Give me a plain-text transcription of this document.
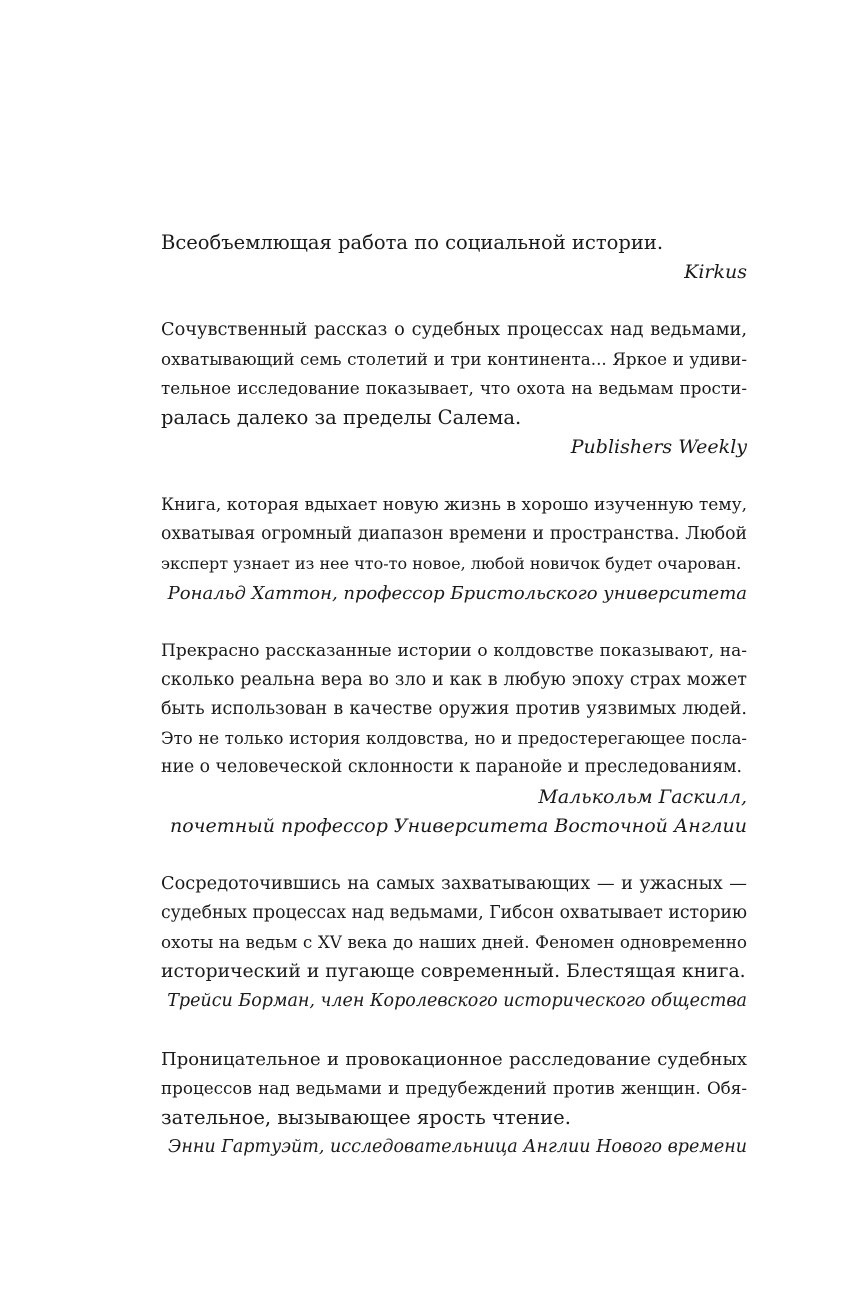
Всеобъемлющая работа по социальной истории.
Kirkus
Сочувственный рассказ о судебных процессах над ведьмами,
охватывающий семь столетий и три континента... Яркое и удиви-
тельное исследование показывает, что охота на ведьмам прости-
ралась далеко за пределы Салема.
Publishers Weekly
Книга, которая вдыхает новую жизнь в хорошо изученную тему,
охватывая огромный диапазон времени и пространства. Любой
эксперт узнает из нее что-то новое, любой новичок будет очарован.
Рональд Хаттон, профессор Бристольского университета
Прекрасно рассказанные истории о колдовстве показывают, на-
сколько реальна вера во зло и как в любую эпоху страх может
быть использован в качестве оружия против уязвимых людей.
Это не только история колдовства, но и предостерегающее посла-
ние о человеческой склонности к паранойе и преследованиям.
Малькольм Гаскилл,
почетный профессор Университета Восточной Англии
Сосредоточившись на самых захватывающих — и ужасных —
судебных процессах над ведьмами, Гибсон охватывает историю
охоты на ведьм с XV века до наших дней. Феномен одновременно
исторический и пугающе современный. Блестящая книга.
Трейси Борман, член Королевского исторического общества
Проницательное и провокационное расследование судебных
процессов над ведьмами и предубеждений против женщин. Обя-
зательное, вызывающее ярость чтение.
Энни Гартуэйт, исследовательница Англии Нового времени
